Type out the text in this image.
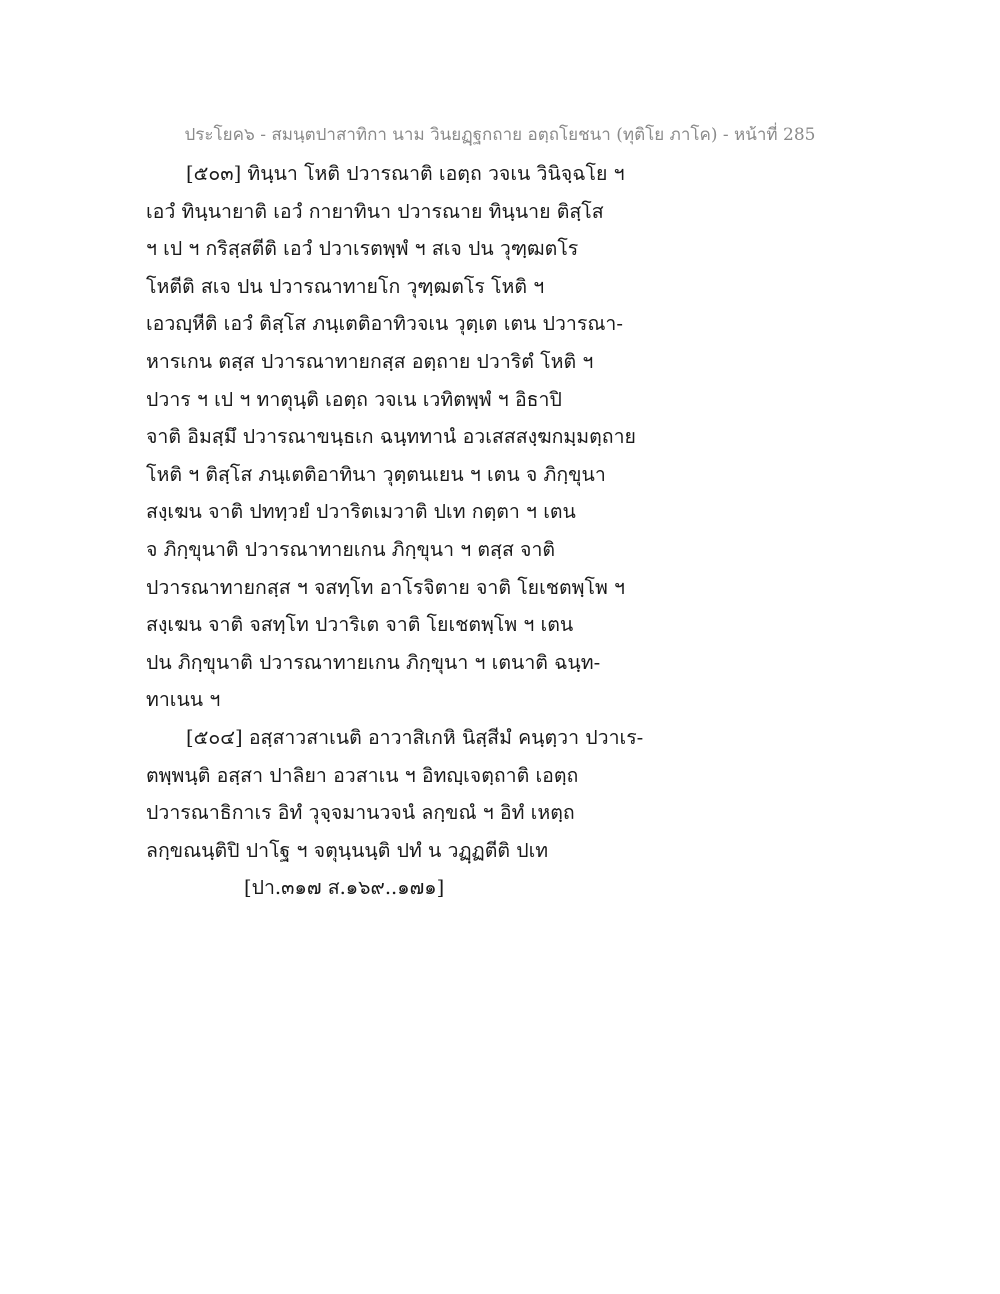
ประโยค๖ - สมนฺตปาสาทิกา นาม วินยฏฺฐกถาย อตฺถโยชนา (ทุติโย ภาโค) - หน้าที่ 285
[๕๐๓] ทินฺนา โหติ ปวารณาติ เอตฺถ วจเน วินิจฺฉโย ฯ
เอวํ ทินฺนายาติ เอวํ กายาทินา ปวารณาย ทินฺนาย ติสฺโส
ฯ เป ฯ กริสฺสตีติ เอวํ ปวาเรตพฺพํ ฯ สเจ ปน วุฑฺฒตโร
โหตีติ สเจ ปน ปวารณาทายโก วุฑฺฒตโร โหติ ฯ
เอวญฺหีติ เอวํ ติสฺโส ภนฺเตติอาทิวจเน วุตฺเต เตน ปวารณา-
หารเกน ตสฺส ปวารณาทายกสฺส อตฺถาย ปวาริตํ โหติ ฯ
ปวาร ฯ เป ฯ ทาตุนฺติ เอตฺถ วจเน เวทิตพฺพํ ฯ อิธาปิ
จาติ อิมสฺมึ ปวารณาขนฺธเก ฉนฺททานํ อวเสสสงฺฆกมฺมตฺถาย
โหติ ฯ ติสฺโส ภนฺเตติอาทินา วุตฺตนเยน ฯ เตน จ ภิกฺขุนา
สงฺเฆน จาติ ปททฺวยํ ปวาริตเมวาติ ปเท กตฺตา ฯ เตน
จ ภิกฺขุนาติ ปวารณาทายเกน ภิกฺขุนา ฯ ตสฺส จาติ
ปวารณาทายกสฺส ฯ จสทฺโท อาโรจิตาย จาติ โยเชตพฺโพ ฯ
สงฺเฆน จาติ จสทฺโท ปวาริเต จาติ โยเชตพฺโพ ฯ เตน
ปน ภิกฺขุนาติ ปวารณาทายเกน ภิกฺขุนา ฯ เตนาติ ฉนฺท-
ทาเนน ฯ
[๕๐๔] อสฺสาวสาเนติ อาวาสิเกหิ นิสฺสีมํ คนฺตฺวา ปวาเร-
ตพฺพนฺติ อสฺสา ปาลิยา อวสาเน ฯ อิทญฺเจตฺถาติ เอตฺถ
ปวารณาธิกาเร อิทํ วุจฺจมานวจนํ ลกฺขณํ ฯ อิทํ เหตฺถ
ลกฺขณนฺติปิ ปาโฐ ฯ จตุนฺนนฺติ ปทํ น วฏฺฏตีติ ปเท
[ปา.๓๑๗ ส.๑๖๙..๑๗๑]
